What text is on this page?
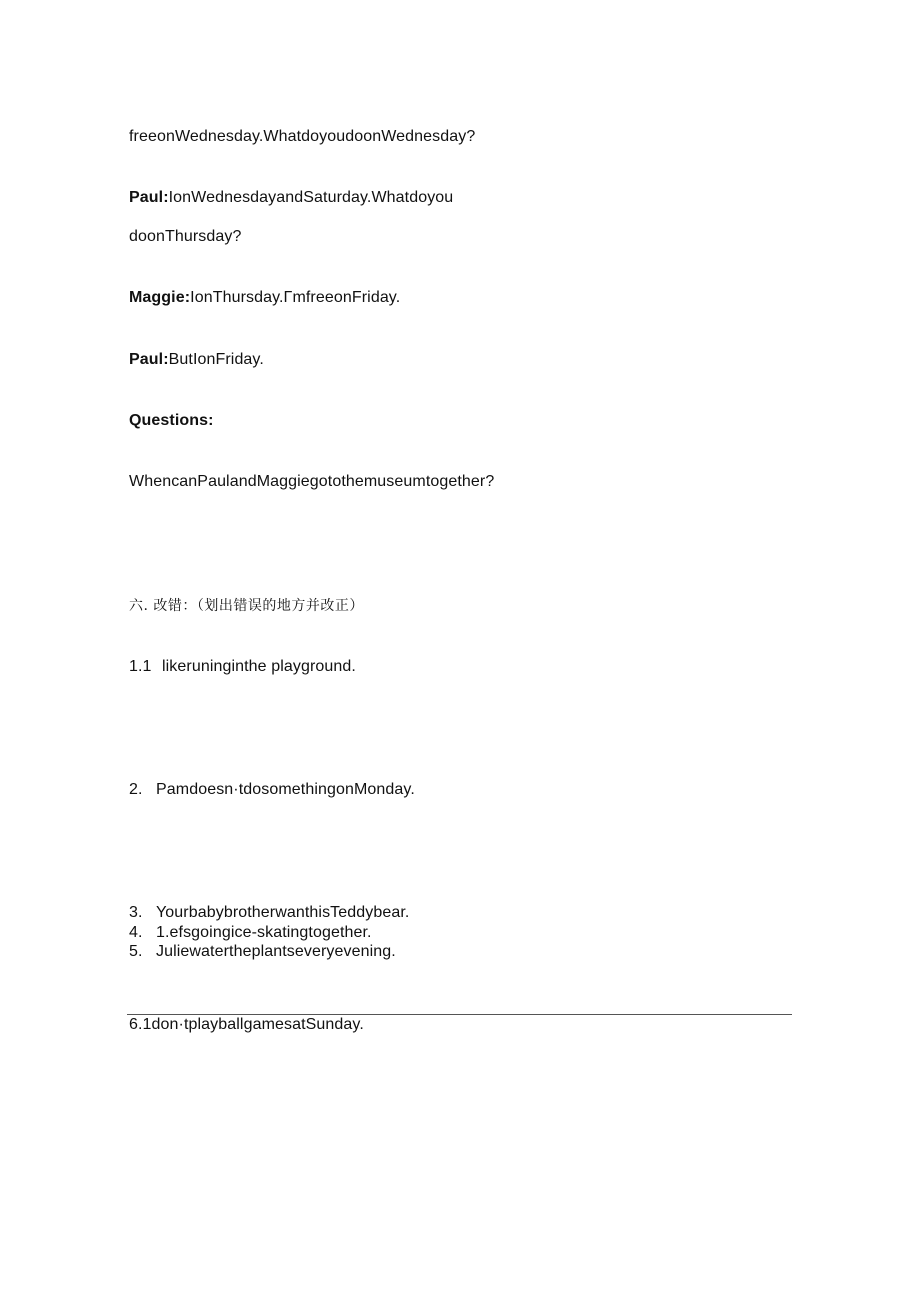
freeonWednesday.WhatdoyoudoonWednesday?
Paul:IonWednesdayandSaturday.Whatdoyou
doonThursday?
Maggie:IonThursday.ΓmfreeonFriday.
Paul:ButIonFriday.
Questions:
WhencanPaulandMaggiegotothemuseumtogether?
六. 改错：（划出错误的地方并改正）
1.1 likeruninginthe playground.
2. Pamdoesn·tdosomethingonMonday.
3. YourbabybrotherwanthisTeddybear.
4. 1.efsgoingice-skatingtogether.
5. Juliewatertheplantseveryevening.
6.1don·tplayballgamesatSunday.
